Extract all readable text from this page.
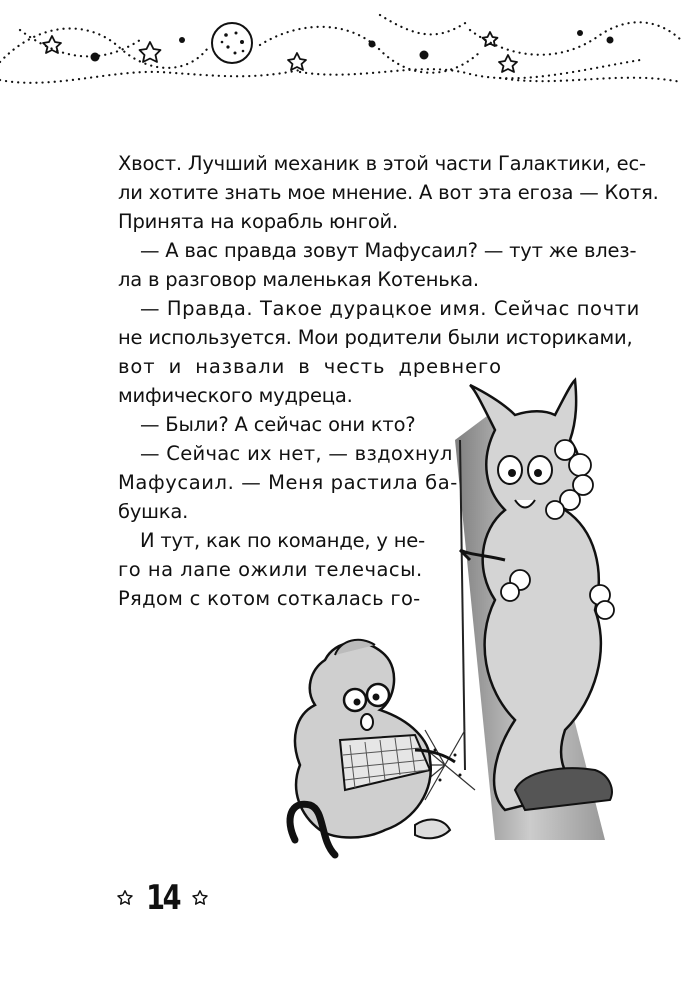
Хвост. Лучший механик в этой части Галактики, ес-
ли хотите знать мое мнение. А вот эта егоза — Котя.
Принята на корабль юнгой.
— А вас правда зовут Мафусаил? — тут же влез-
ла в разговор маленькая Котенька.
— Правда. Такое дурацкое имя. Сейчас почти
не используется. Мои родители были историками,
вот и назвали в честь древнего
мифического мудреца.
— Были? А сейчас они кто?
— Сейчас их нет, — вздохнул
Мафусаил. — Меня растила ба-
бушка.
И тут, как по команде, у не-
го на лапе ожили телечасы.
Рядом с котом соткалась го-
14
